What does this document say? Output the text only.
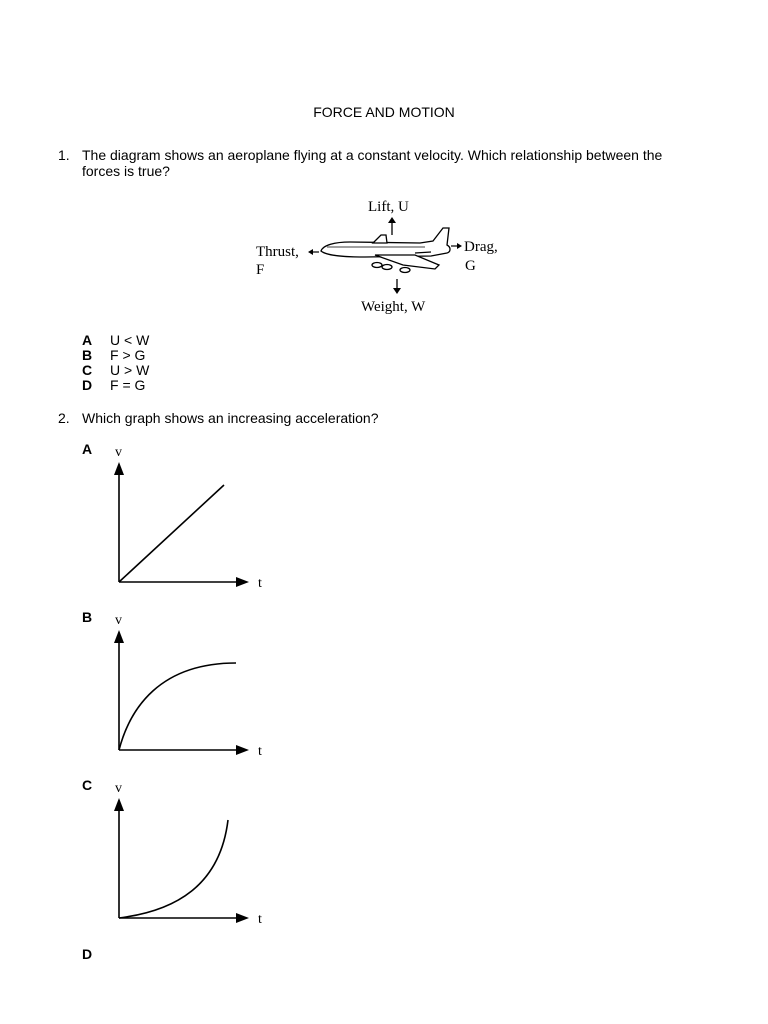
FORCE AND MOTION
1. The diagram shows an aeroplane flying at a constant velocity. Which relationship between the
forces is true?
Lift, U
Thrust,
F
Drag,
G
Weight, W
A U < W
B F > G
C U > W
D F = G
2. Which graph shows an increasing acceleration?
A v
t
B v
t
C v
t
D
